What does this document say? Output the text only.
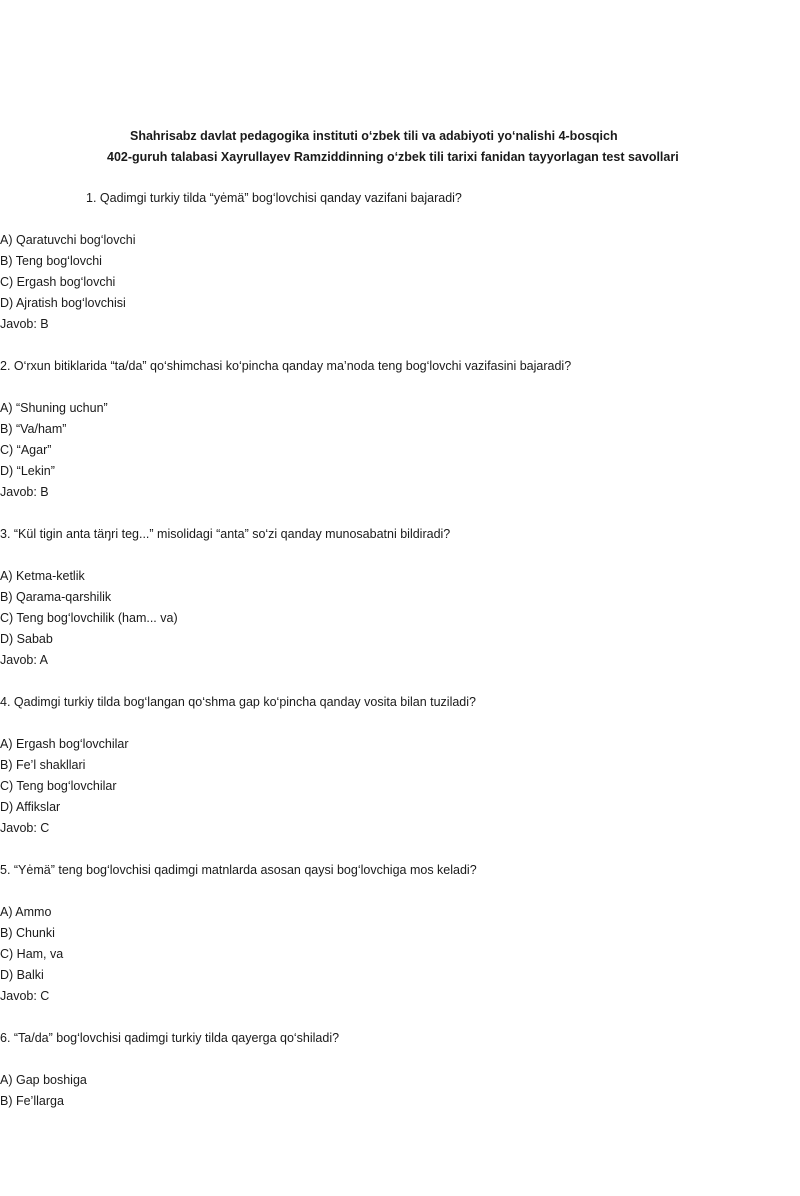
Shahrisabz davlat pedagogika instituti o‘zbek tili va adabiyoti yo‘nalishi 4-bosqich
402-guruh talabasi Xayrullayev Ramziddinning o‘zbek tili tarixi fanidan tayyorlagan test savollari
1. Qadimgi turkiy tilda “yėmä” bog‘lovchisi qanday vazifani bajaradi?
A) Qaratuvchi bog‘lovchi
B) Teng bog‘lovchi
C) Ergash bog‘lovchi
D) Ajratish bog‘lovchisi
Javob: B
2. O‘rxun bitiklarida “ta/da” qo‘shimchasi ko‘pincha qanday ma’noda teng bog‘lovchi vazifasini bajaradi?
A) “Shuning uchun”
B) “Va/ham”
C) “Agar”
D) “Lekin”
Javob: B
3. “Kül tigin anta täŋri teg...” misolidagi “anta” so‘zi qanday munosabatni bildiradi?
A) Ketma-ketlik
B) Qarama-qarshilik
C) Teng bog‘lovchilik (ham... va)
D) Sabab
Javob: A
4. Qadimgi turkiy tilda bog‘langan qo‘shma gap ko‘pincha qanday vosita bilan tuziladi?
A) Ergash bog‘lovchilar
B) Fe’l shakllari
C) Teng bog‘lovchilar
D) Affikslar
Javob: C
5. “Yėmä” teng bog‘lovchisi qadimgi matnlarda asosan qaysi bog‘lovchiga mos keladi?
A) Ammo
B) Chunki
C) Ham, va
D) Balki
Javob: C
6. “Ta/da” bog‘lovchisi qadimgi turkiy tilda qayerga qo‘shiladi?
A) Gap boshiga
B) Fe’llarga
